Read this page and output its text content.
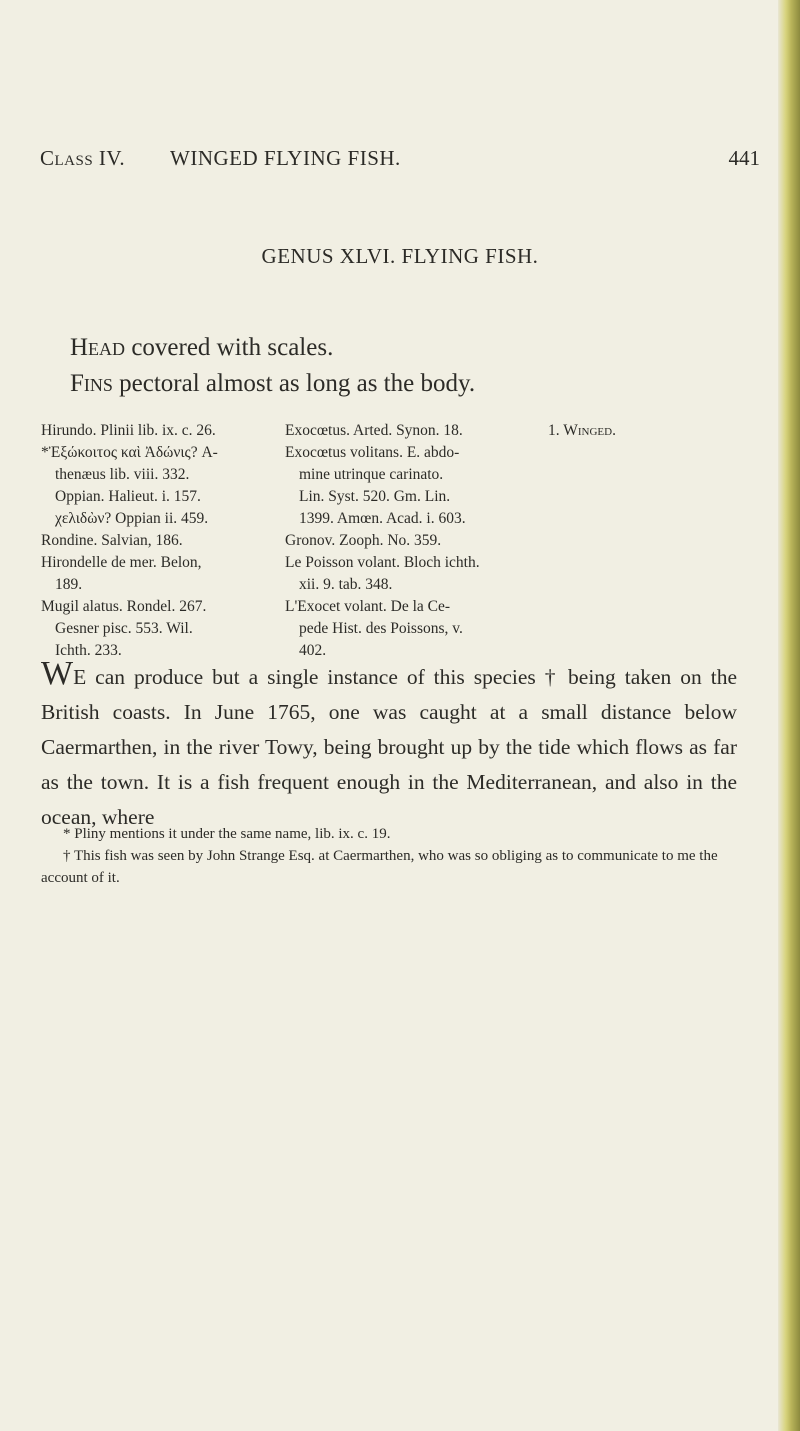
Class IV. WINGED FLYING FISH.	441
GENUS XLVI. FLYING FISH.
Head covered with scales.
Fins pectoral almost as long as the body.

Hirundo. Plinii lib. ix. c. 26.

*Ἐξώκοιτος καὶ Ἀδώνις? A-

thenæus lib. viii. 332.

Oppian. Halieut. i. 157.

χελιδὼν? Oppian ii. 459.

Rondine. Salvian, 186.

Hirondelle de mer. Belon,

189.

Mugil alatus. Rondel. 267.

Gesner pisc. 553. Wil.

Ichth. 233.

Exocœtus. Arted. Synon. 18.

Exocœtus volitans. E. abdo-

mine utrinque carinato.

Lin. Syst. 520. Gm. Lin.

1399. Amœn. Acad. i. 603.

Gronov. Zooph. No. 359.

Le Poisson volant. Bloch ichth.

xii. 9. tab. 348.

L'Exocet volant. De la Ce-

pede Hist. des Poissons, v.

402.

1. Winged.

WE can produce but a single instance of this species † being taken on the British coasts. In June 1765, one was caught at a small distance below Caermarthen, in the river Towy, being brought up by the tide which flows as far as the town. It is a fish frequent enough in the Mediterranean, and also in the ocean, where

* Pliny mentions it under the same name, lib. ix. c. 19.

† This fish was seen by John Strange Esq. at Caermarthen, who was so obliging as to communicate to me the account of it.
